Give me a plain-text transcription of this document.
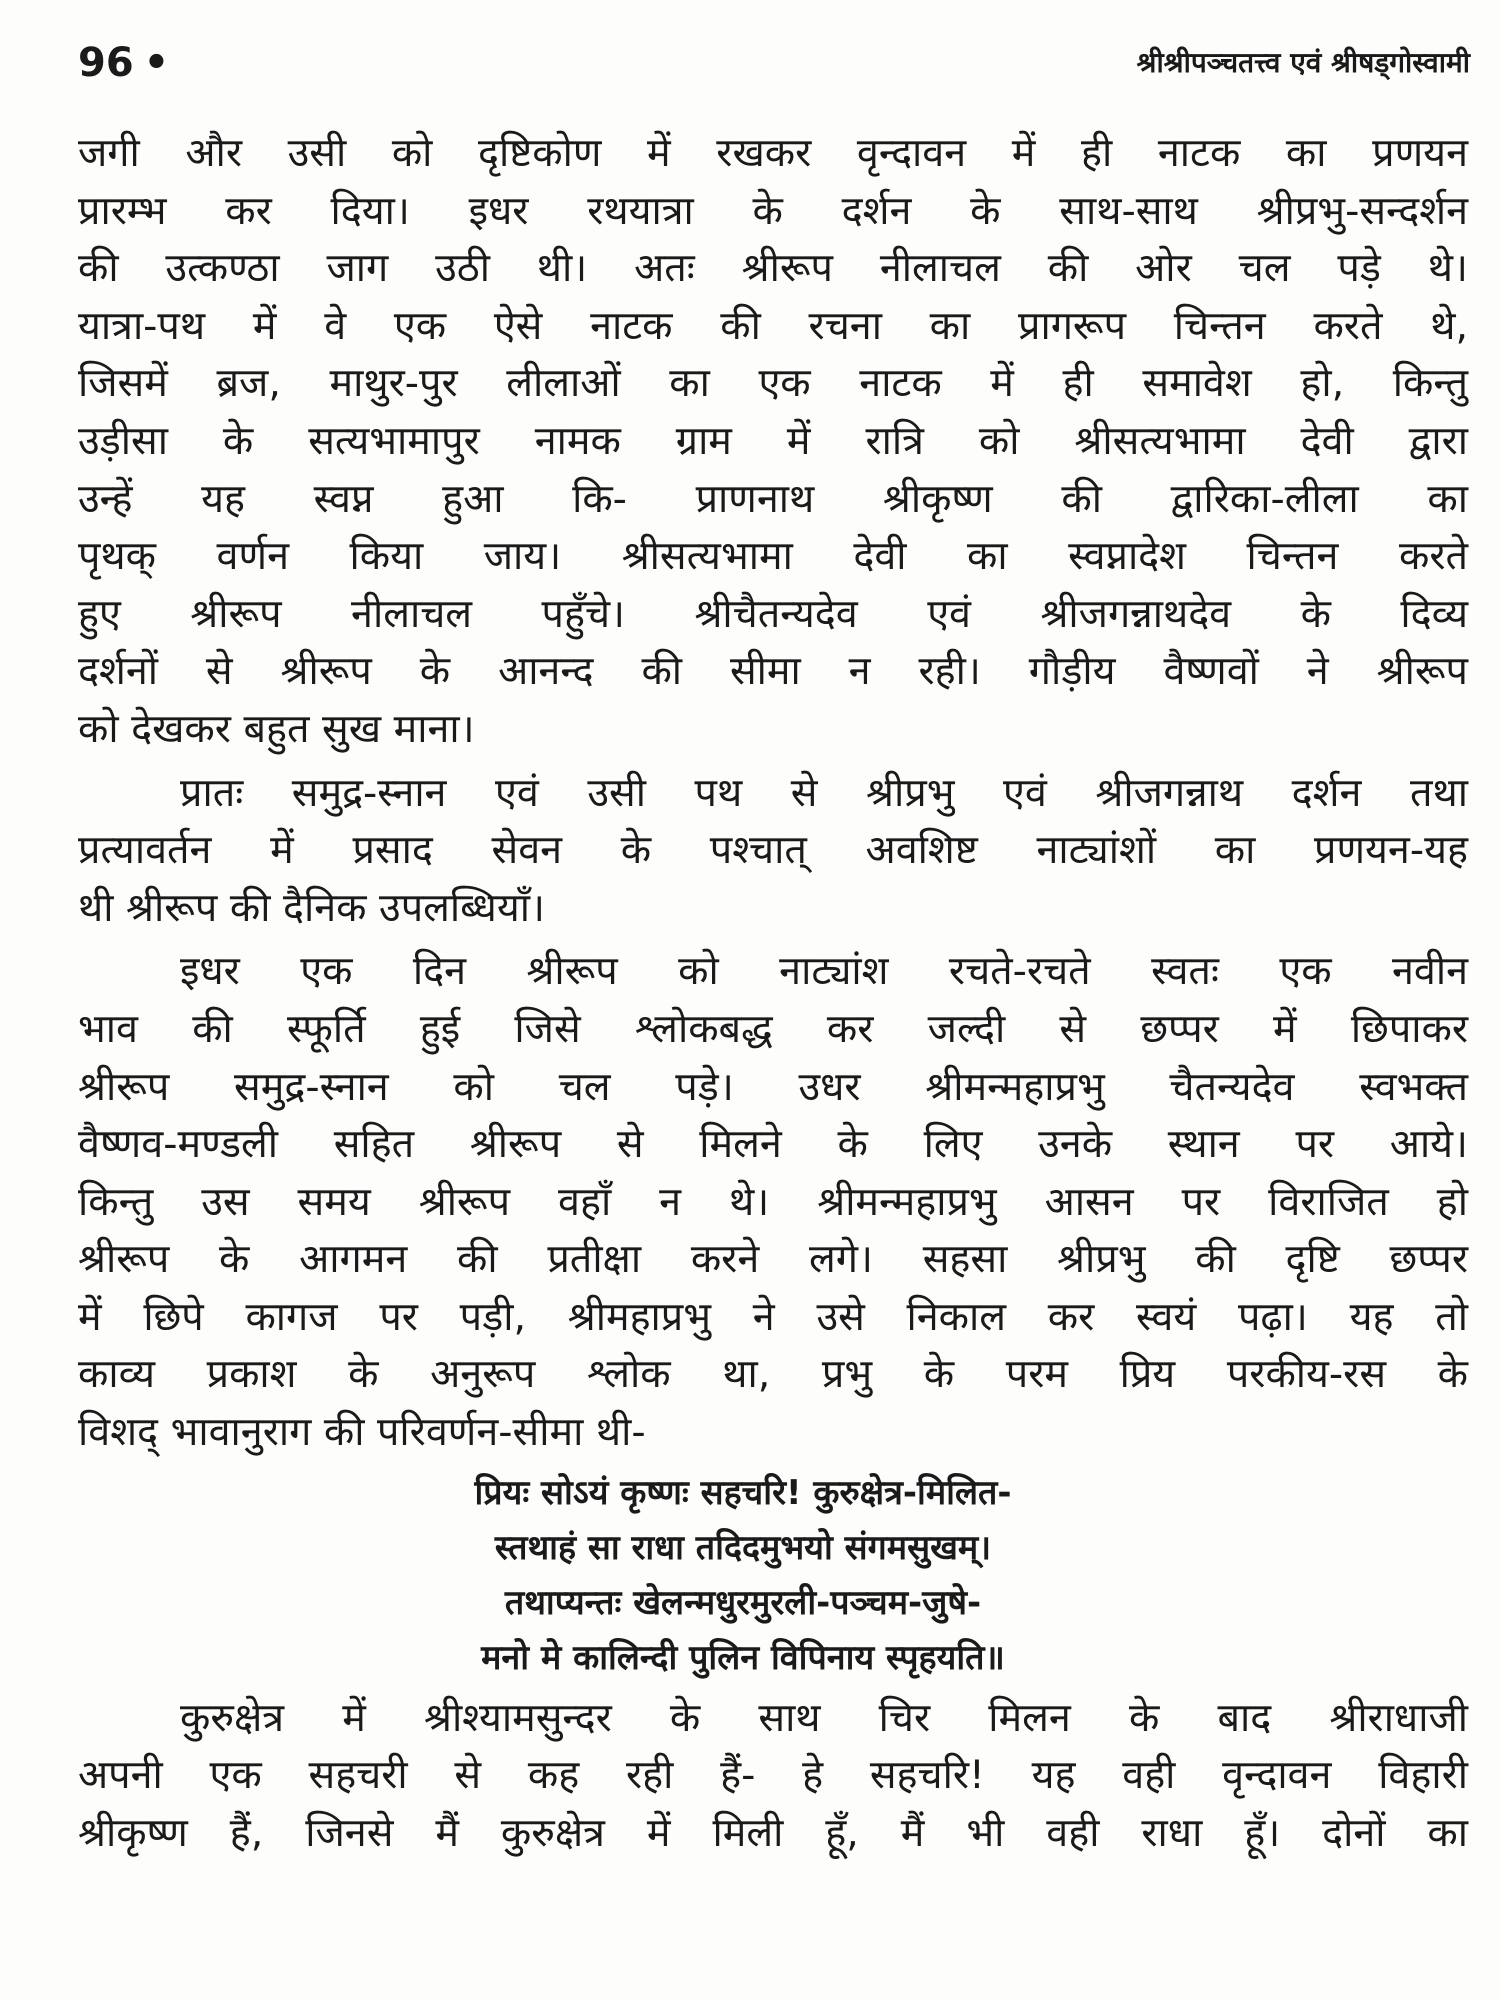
96 •	श्रीश्रीपञ्चतत्त्व एवं श्रीषड्गोस्वामी
जगी और उसी को दृष्टिकोण में रखकर वृन्दावन में ही नाटक का प्रणयन
प्रारम्भ कर दिया। इधर रथयात्रा के दर्शन के साथ-साथ श्रीप्रभु-सन्दर्शन
की उत्कण्ठा जाग उठी थी। अतः श्रीरूप नीलाचल की ओर चल पड़े थे।
यात्रा-पथ में वे एक ऐसे नाटक की रचना का प्रागरूप चिन्तन करते थे,
जिसमें ब्रज, माथुर-पुर लीलाओं का एक नाटक में ही समावेश हो, किन्तु
उड़ीसा के सत्यभामापुर नामक ग्राम में रात्रि को श्रीसत्यभामा देवी द्वारा
उन्हें यह स्वप्न हुआ कि- प्राणनाथ श्रीकृष्ण की द्वारिका-लीला का
पृथक् वर्णन किया जाय। श्रीसत्यभामा देवी का स्वप्नादेश चिन्तन करते
हुए श्रीरूप नीलाचल पहुँचे। श्रीचैतन्यदेव एवं श्रीजगन्नाथदेव के दिव्य
दर्शनों से श्रीरूप के आनन्द की सीमा न रही। गौड़ीय वैष्णवों ने श्रीरूप
को देखकर बहुत सुख माना।
प्रातः समुद्र-स्नान एवं उसी पथ से श्रीप्रभु एवं श्रीजगन्नाथ दर्शन तथा
प्रत्यावर्तन में प्रसाद सेवन के पश्चात् अवशिष्ट नाट्यांशों का प्रणयन-यह
थी श्रीरूप की दैनिक उपलब्धियाँ।
इधर एक दिन श्रीरूप को नाट्यांश रचते-रचते स्वतः एक नवीन
भाव की स्फूर्ति हुई जिसे श्लोकबद्ध कर जल्दी से छप्पर में छिपाकर
श्रीरूप समुद्र-स्नान को चल पड़े। उधर श्रीमन्महाप्रभु चैतन्यदेव स्वभक्त
वैष्णव-मण्डली सहित श्रीरूप से मिलने के लिए उनके स्थान पर आये।
किन्तु उस समय श्रीरूप वहाँ न थे। श्रीमन्महाप्रभु आसन पर विराजित हो
श्रीरूप के आगमन की प्रतीक्षा करने लगे। सहसा श्रीप्रभु की दृष्टि छप्पर
में छिपे कागज पर पड़ी, श्रीमहाप्रभु ने उसे निकाल कर स्वयं पढ़ा। यह तो
काव्य प्रकाश के अनुरूप श्लोक था, प्रभु के परम प्रिय परकीय-रस के
विशद् भावानुराग की परिवर्णन-सीमा थी-
प्रियः सोऽयं कृष्णः सहचरि! कुरुक्षेत्र-मिलित-
स्तथाहं सा राधा तदिदमुभयो संगमसुखम्।
तथाप्यन्तः खेलन्मधुरमुरली-पञ्चम-जुषे-
मनो मे कालिन्दी पुलिन विपिनाय स्पृहयति॥
कुरुक्षेत्र में श्रीश्यामसुन्दर के साथ चिर मिलन के बाद श्रीराधाजी
अपनी एक सहचरी से कह रही हैं- हे सहचरि! यह वही वृन्दावन विहारी
श्रीकृष्ण हैं, जिनसे मैं कुरुक्षेत्र में मिली हूँ, मैं भी वही राधा हूँ। दोनों का
